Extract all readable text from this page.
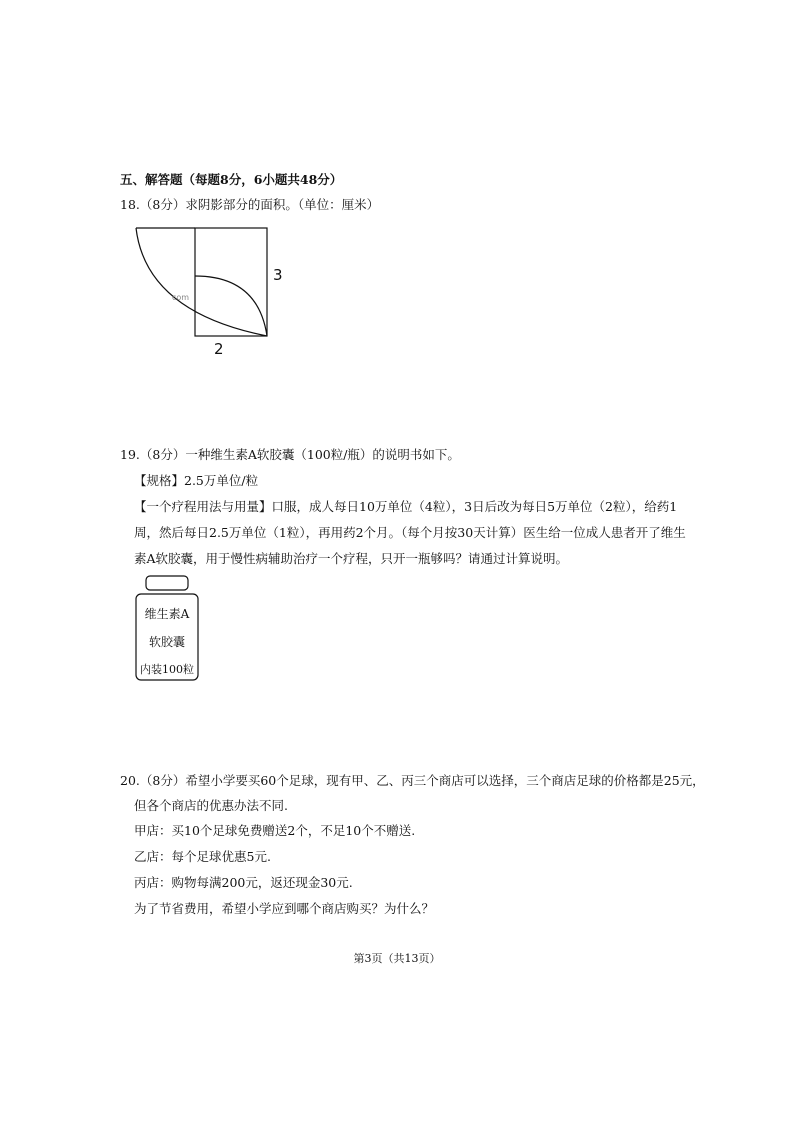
五、解答题（每题8分，6小题共48分）
18.（8分）求阴影部分的面积。（单位：厘米）
com
3
2
19.（8分）一种维生素A软胶囊（100粒/瓶）的说明书如下。
【规格】2.5万单位/粒
【一个疗程用法与用量】口服，成人每日10万单位（4粒），3日后改为每日5万单位（2粒），给药1
周，然后每日2.5万单位（1粒），再用药2个月。（每个月按30天计算）医生给一位成人患者开了维生
素A软胶囊，用于慢性病辅助治疗一个疗程，只开一瓶够吗？请通过计算说明。
维生素A
软胶囊
内装100粒
20.（8分）希望小学要买60个足球，现有甲、乙、丙三个商店可以选择，三个商店足球的价格都是25元，
但各个商店的优惠办法不同.
甲店：买10个足球免费赠送2个，不足10个不赠送.
乙店：每个足球优惠5元.
丙店：购物每满200元，返还现金30元.
为了节省费用，希望小学应到哪个商店购买？为什么？
第3页（共13页）
